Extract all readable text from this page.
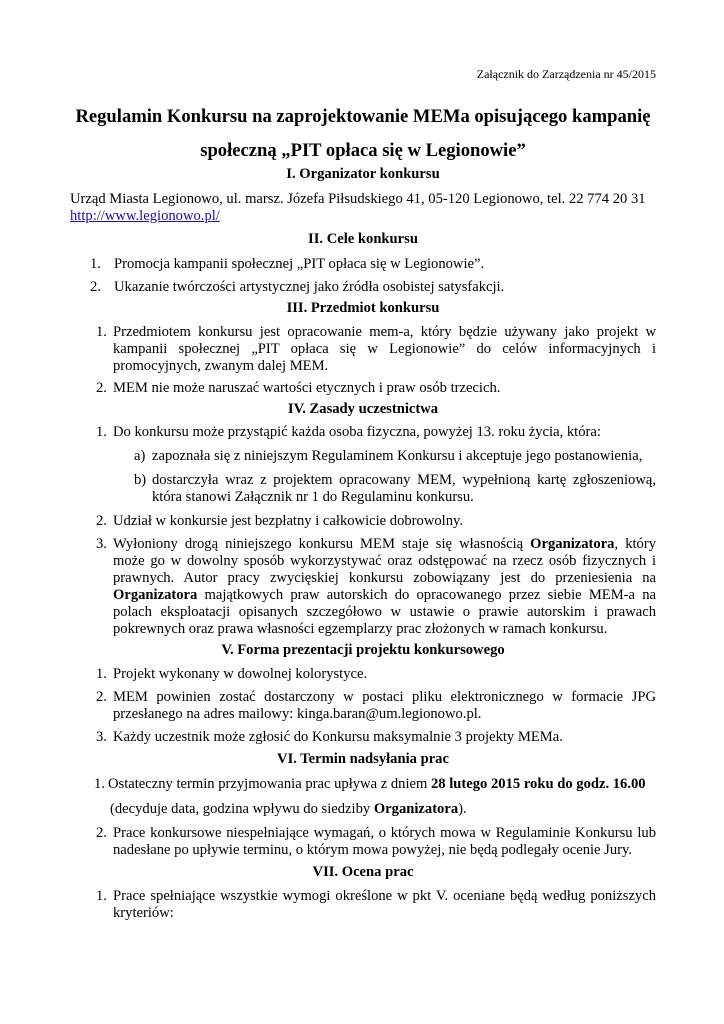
Załącznik do Zarządzenia nr 45/2015
Regulamin Konkursu na zaprojektowanie MEMa opisującego kampanię
społeczną „PIT opłaca się w Legionowie”
I. Organizator konkursu
Urząd Miasta Legionowo, ul. marsz. Józefa Piłsudskiego 41, 05-120 Legionowo, tel. 22 774 20 31
http://www.legionowo.pl/
II. Cele konkursu
1. Promocja kampanii społecznej „PIT opłaca się w Legionowie”.
2. Ukazanie twórczości artystycznej jako źródła osobistej satysfakcji.
III. Przedmiot konkursu
1. Przedmiotem konkursu jest opracowanie mem-a, który będzie używany jako projekt w kampanii społecznej „PIT opłaca się w Legionowie” do celów informacyjnych i promocyjnych, zwanym dalej MEM.
2. MEM nie może naruszać wartości etycznych i praw osób trzecich.
IV. Zasady uczestnictwa
1. Do konkursu może przystąpić każda osoba fizyczna, powyżej 13. roku życia, która:
a) zapoznała się z niniejszym Regulaminem Konkursu i akceptuje jego postanowienia,
b) dostarczyła wraz z projektem opracowany MEM, wypełnioną kartę zgłoszeniową, która stanowi Załącznik nr 1 do Regulaminu konkursu.
2. Udział w konkursie jest bezpłatny i całkowicie dobrowolny.
3. Wyłoniony drogą niniejszego konkursu MEM staje się własnością Organizatora, który może go w dowolny sposób wykorzystywać oraz odstępować na rzecz osób fizycznych i prawnych. Autor pracy zwycięskiej konkursu zobowiązany jest do przeniesienia na Organizatora majątkowych praw autorskich do opracowanego przez siebie MEM-a na polach eksploatacji opisanych szczegółowo w ustawie o prawie autorskim i prawach pokrewnych oraz prawa własności egzemplarzy prac złożonych w ramach konkursu.
V. Forma prezentacji projektu konkursowego
1. Projekt wykonany w dowolnej kolorystyce.
2. MEM powinien zostać dostarczony w postaci pliku elektronicznego w formacie JPG przesłanego na adres mailowy: kinga.baran@um.legionowo.pl.
3. Każdy uczestnik może zgłosić do Konkursu maksymalnie 3 projekty MEMa.
VI. Termin nadsyłania prac
1. Ostateczny termin przyjmowania prac upływa z dniem 28 lutego 2015 roku do godz. 16.00
(decyduje data, godzina wpływu do siedziby Organizatora).
2. Prace konkursowe niespełniające wymagań, o których mowa w Regulaminie Konkursu lub nadesłane po upływie terminu, o którym mowa powyżej, nie będą podlegały ocenie Jury.
VII. Ocena prac
1. Prace spełniające wszystkie wymogi określone w pkt V. oceniane będą według poniższych kryteriów:
